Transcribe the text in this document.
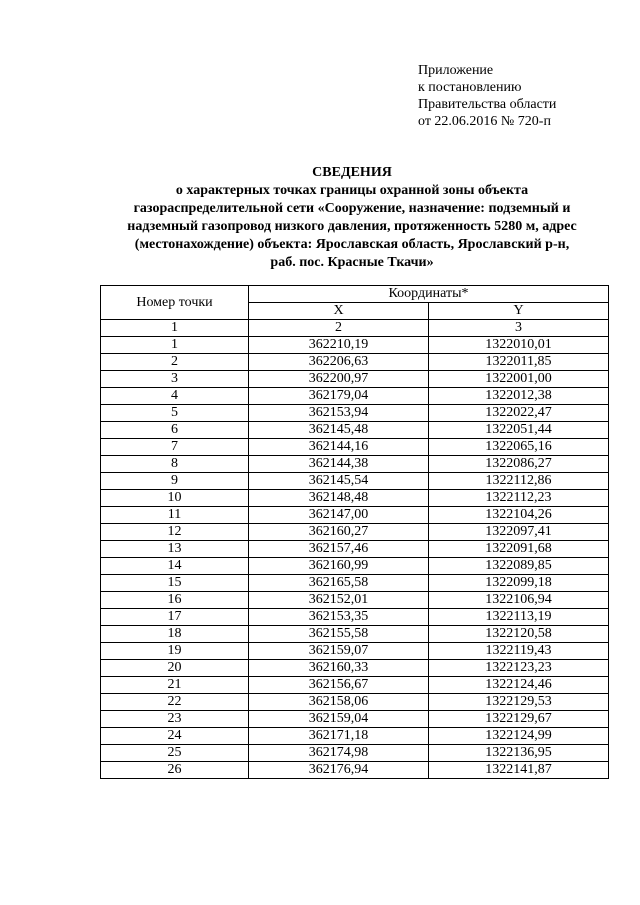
Приложение
к постановлению
Правительства области
от 22.06.2016 № 720-п
СВЕДЕНИЯ
о характерных точках границы охранной зоны объекта
газораспределительной сети «Сооружение, назначение: подземный и
надземный газопровод низкого давления, протяженность 5280 м, адрес
(местонахождение) объекта: Ярославская область, Ярославский р-н,
раб. пос. Красные Ткачи»
Номер точки	Координаты*	
	X	Y
1	2	3
1	362210,19	1322010,01
2	362206,63	1322011,85
3	362200,97	1322001,00
4	362179,04	1322012,38
5	362153,94	1322022,47
6	362145,48	1322051,44
7	362144,16	1322065,16
8	362144,38	1322086,27
9	362145,54	1322112,86
10	362148,48	1322112,23
11	362147,00	1322104,26
12	362160,27	1322097,41
13	362157,46	1322091,68
14	362160,99	1322089,85
15	362165,58	1322099,18
16	362152,01	1322106,94
17	362153,35	1322113,19
18	362155,58	1322120,58
19	362159,07	1322119,43
20	362160,33	1322123,23
21	362156,67	1322124,46
22	362158,06	1322129,53
23	362159,04	1322129,67
24	362171,18	1322124,99
25	362174,98	1322136,95
26	362176,94	1322141,87
